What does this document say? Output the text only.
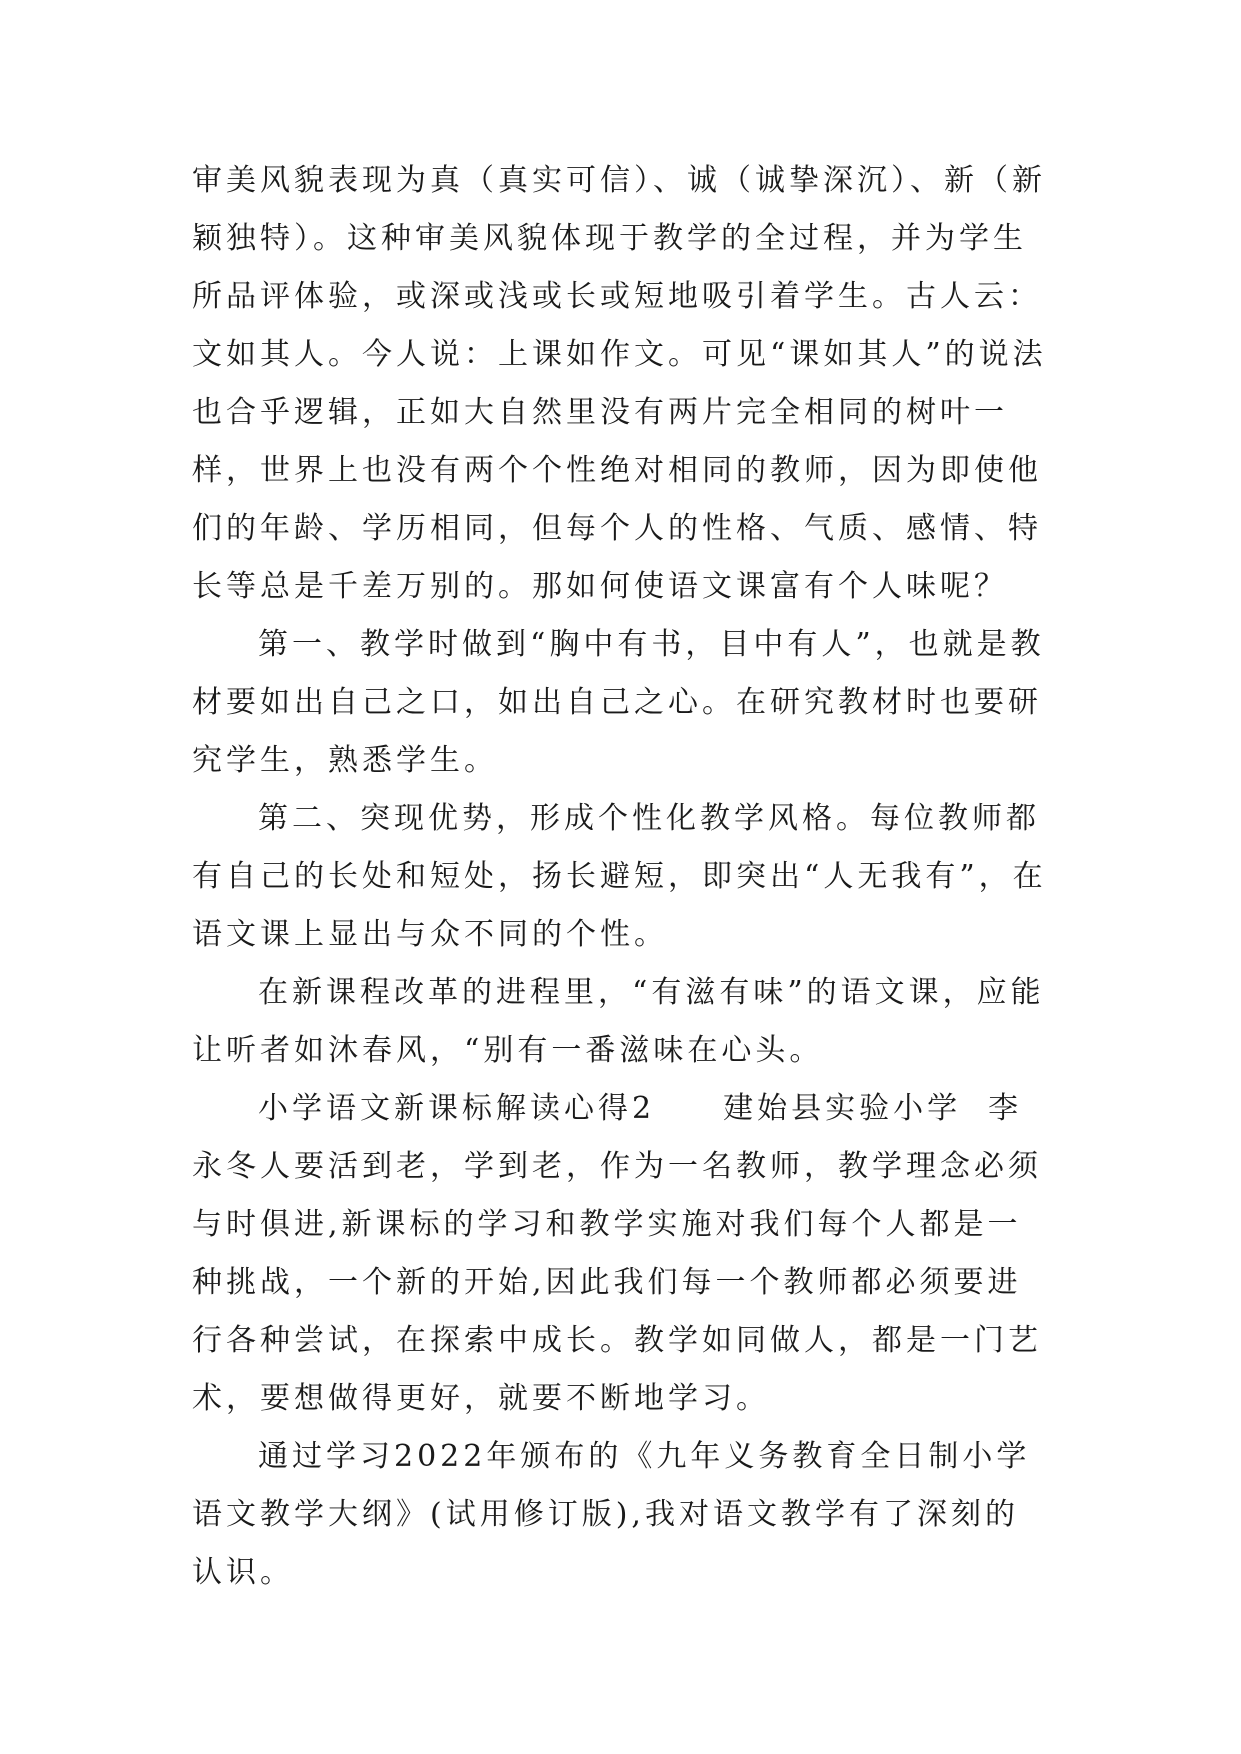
审美风貌表现为真（真实可信）、诚（诚挚深沉）、新（新颖独特）。这种审美风貌体现于教学的全过程，并为学生所品评体验，或深或浅或长或短地吸引着学生。古人云：文如其人。今人说：上课如作文。可见“课如其人”的说法也合乎逻辑，正如大自然里没有两片完全相同的树叶一样，世界上也没有两个个性绝对相同的教师，因为即使他们的年龄、学历相同，但每个人的性格、气质、感情、特长等总是千差万别的。那如何使语文课富有个人味呢？

第一、教学时做到“胸中有书，目中有人”，也就是教材要如出自己之口，如出自己之心。在研究教材时也要研究学生，熟悉学生。

第二、突现优势，形成个性化教学风格。每位教师都有自己的长处和短处，扬长避短，即突出“人无我有”，在语文课上显出与众不同的个性。

在新课程改革的进程里，“有滋有味”的语文课，应能让听者如沐春风，“别有一番滋味在心头。

小学语文新课标解读心得2　　建始县实验小学  李永冬人要活到老，学到老，作为一名教师，教学理念必须与时俱进,新课标的学习和教学实施对我们每个人都是一种挑战，一个新的开始,因此我们每一个教师都必须要进行各种尝试，在探索中成长。教学如同做人，都是一门艺术，要想做得更好，就要不断地学习。

通过学习2022年颁布的《九年义务教育全日制小学语文教学大纲》(试用修订版),我对语文教学有了深刻的认识。
